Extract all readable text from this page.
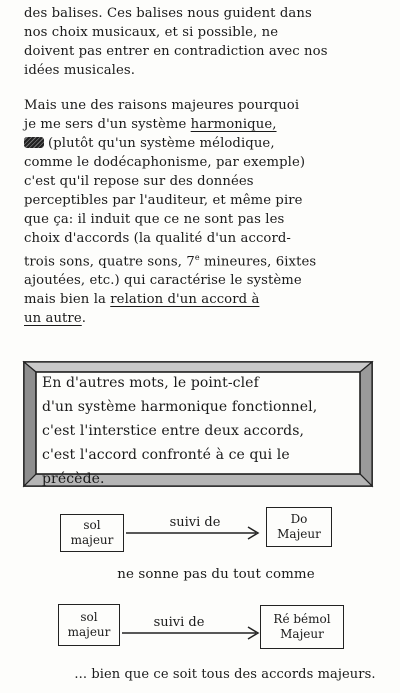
des balises. Ces balises nous guident dans
nos choix musicaux, et si possible, ne
doivent pas entrer en contradiction avec nos
idées musicales.
Mais une des raisons majeures pourquoi
je me sers d'un système harmonique,
(plutôt qu'un système mélodique,
comme le dodécaphonisme, par exemple)
c'est qu'il repose sur des données
perceptibles par l'auditeur, et même pire
que ça: il induit que ce ne sont pas les
choix d'accords (la qualité d'un accord-
trois sons, quatre sons, 7e mineures, 6ixtes
ajoutées, etc.) qui caractérise le système
mais bien la relation d'un accord à
un autre.
En d'autres mots, le point-clef
d'un système harmonique fonctionnel,
c'est l'interstice entre deux accords,
c'est l'accord confronté à ce qui le
précède.
sol
majeur
suivi de	Do
Majeur
ne sonne pas du tout comme
sol
majeur
suivi de	Ré bémol
Majeur
... bien que ce soit tous des accords majeurs.
